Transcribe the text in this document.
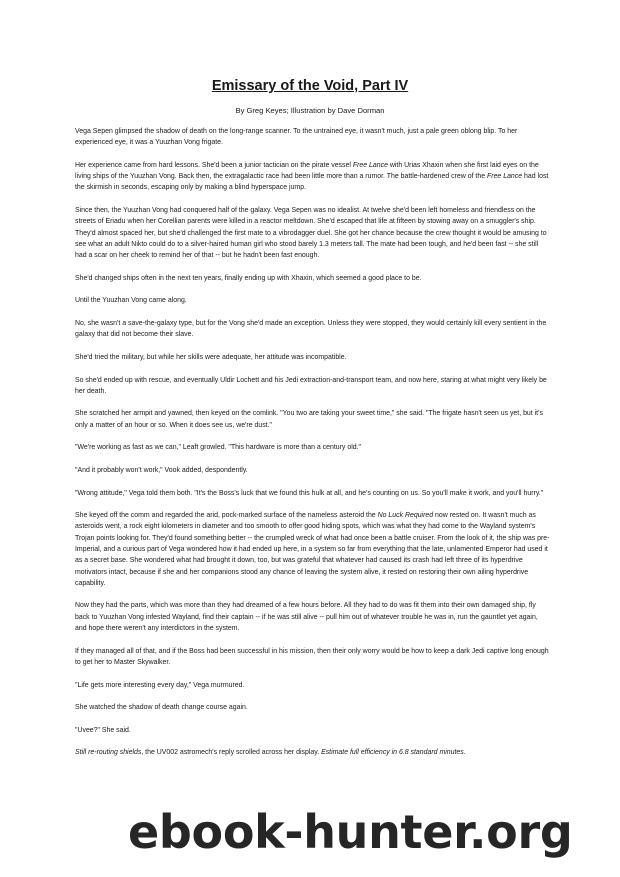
Emissary of the Void, Part IV

By Greg Keyes; Illustration by Dave Dorman

Vega Sepen glimpsed the shadow of death on the long-range scanner. To the untrained eye, it wasn't much, just a pale green oblong blip. To her experienced eye, it was a Yuuzhan Vong frigate.

Her experience came from hard lessons. She'd been a junior tactician on the pirate vessel Free Lance with Urias Xhaxin when she first laid eyes on the living ships of the Yuuzhan Vong. Back then, the extragalactic race had been little more than a rumor. The battle-hardened crew of the Free Lance had lost the skirmish in seconds, escaping only by making a blind hyperspace jump.

Since then, the Yuuzhan Vong had conquered half of the galaxy. Vega Sepen was no idealist. At twelve she'd been left homeless and friendless on the streets of Eriadu when her Corellian parents were killed in a reactor meltdown. She'd escaped that life at fifteen by stowing away on a smuggler's ship. They'd almost spaced her, but she'd challenged the first mate to a vibrodagger duel. She got her chance because the crew thought it would be amusing to see what an adult Nikto could do to a silver-haired human girl who stood barely 1.3 meters tall. The mate had been tough, and he'd been fast -- she still had a scar on her cheek to remind her of that -- but he hadn't been fast enough.

She'd changed ships often in the next ten years, finally ending up with Xhaxin, which seemed a good place to be.

Until the Yuuzhan Vong came along.

No, she wasn't a save-the-galaxy type, but for the Vong she'd made an exception. Unless they were stopped, they would certainly kill every sentient in the galaxy that did not become their slave.

She'd tried the military, but while her skills were adequate, her attitude was incompatible.

So she'd ended up with rescue, and eventually Uldir Lochett and his Jedi extraction-and-transport team, and now here, staring at what might very likely be her death.

She scratched her armpit and yawned, then keyed on the comlink. "You two are taking your sweet time," she said. "The frigate hasn't seen us yet, but it's only a matter of an hour or so. When it does see us, we're dust."

"We're working as fast as we can," Leaft growled. "This hardware is more than a century old."

"And it probably won't work," Vook added, despondently.

"Wrong attitude," Vega told them both. "It's the Boss's luck that we found this hulk at all, and he's counting on us. So you'll make it work, and you'll hurry."

She keyed off the comm and regarded the arid, pock-marked surface of the nameless asteroid the No Luck Required now rested on. It wasn't much as asteroids went, a rock eight kilometers in diameter and too smooth to offer good hiding spots, which was what they had come to the Wayland system's Trojan points looking for. They'd found something better -- the crumpled wreck of what had once been a battle cruiser. From the look of it, the ship was pre-Imperial, and a curious part of Vega wondered how it had ended up here, in a system so far from everything that the late, unlamented Emperor had used it as a secret base. She wondered what had brought it down, too, but was grateful that whatever had caused its crash had left three of its hyperdrive motivators intact, because if she and her companions stood any chance of leaving the system alive, it rested on restoring their own ailing hyperdrive capability.

Now they had the parts, which was more than they had dreamed of a few hours before. All they had to do was fit them into their own damaged ship, fly back to Yuuzhan Vong infested Wayland, find their captain -- if he was still alive -- pull him out of whatever trouble he was in, run the gauntlet yet again, and hope there weren't any interdictors in the system.

If they managed all of that, and if the Boss had been successful in his mission, then their only worry would be how to keep a dark Jedi captive long enough to get her to Master Skywalker.

"Life gets more interesting every day," Vega murmured.

She watched the shadow of death change course again.

"Uvee?" She said.

Still re-routing shields, the UV002 astromech's reply scrolled across her display. Estimate full efficiency in 6.8 standard minutes.

ebook-hunter.org
